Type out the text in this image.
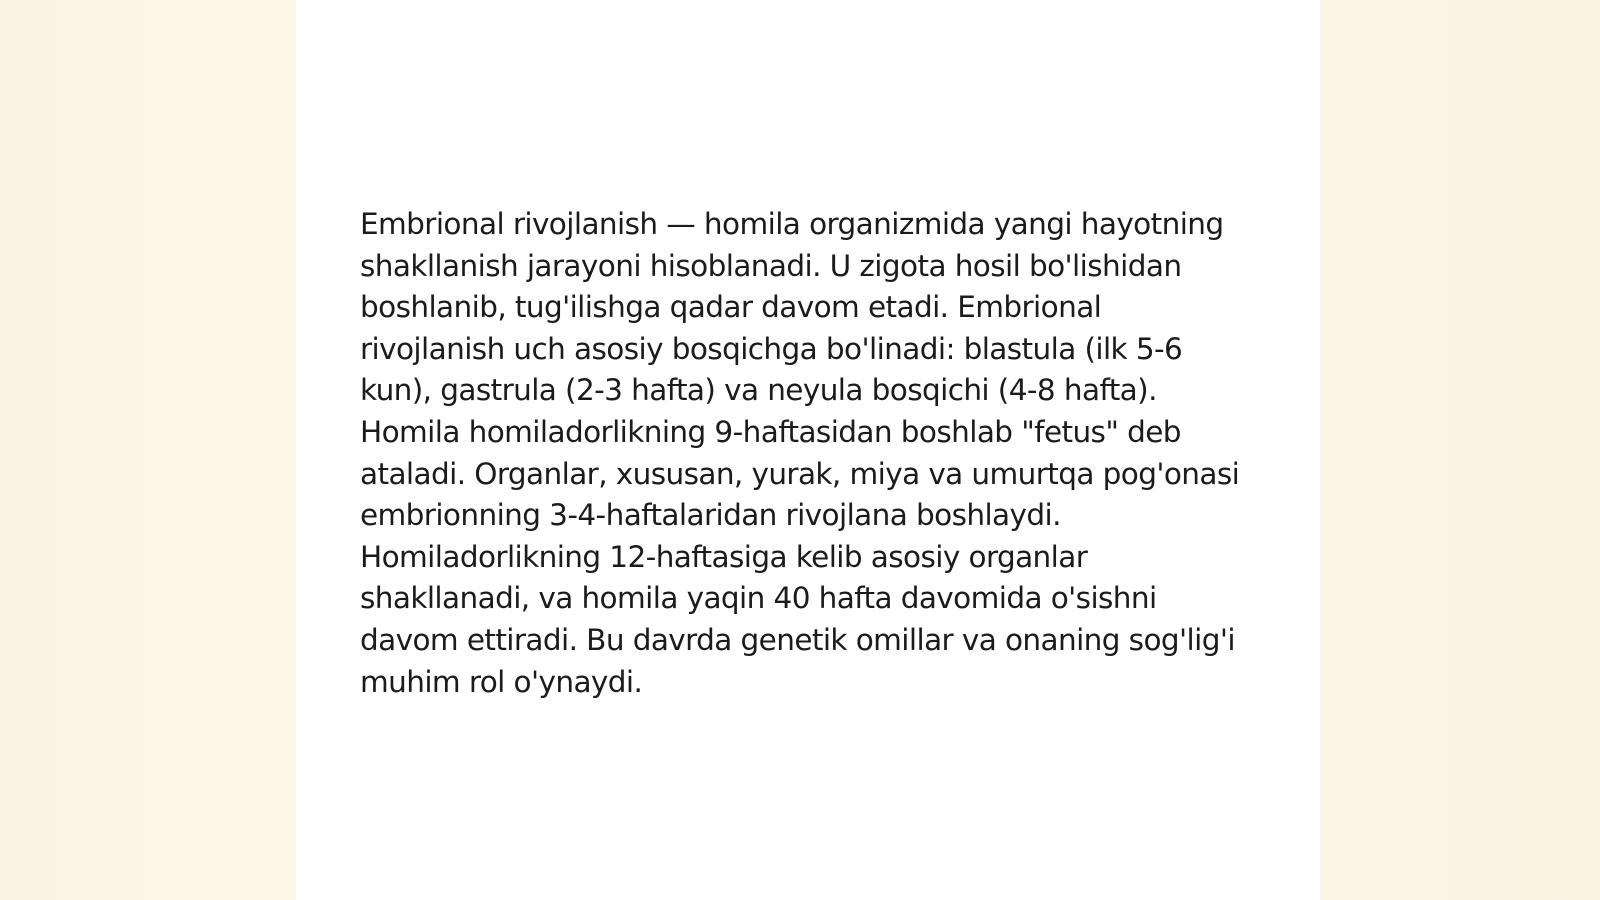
Embrional rivojlanish — homila organizmida yangi hayotning shakllanish jarayoni hisoblanadi. U zigota hosil bo'lishidan boshlanib, tug'ilishga qadar davom etadi. Embrional rivojlanish uch asosiy bosqichga bo'linadi: blastula (ilk 5-6 kun), gastrula (2-3 hafta) va neyula bosqichi (4-8 hafta). Homila homiladorlikning 9-haftasidan boshlab "fetus" deb ataladi. Organlar, xususan, yurak, miya va umurtqa pog'onasi embrionning 3-4-haftalaridan rivojlana boshlaydi. Homiladorlikning 12-haftasiga kelib asosiy organlar shakllanadi, va homila yaqin 40 hafta davomida o'sishni davom ettiradi. Bu davrda genetik omillar va onaning sog'lig'i muhim rol o'ynaydi.
